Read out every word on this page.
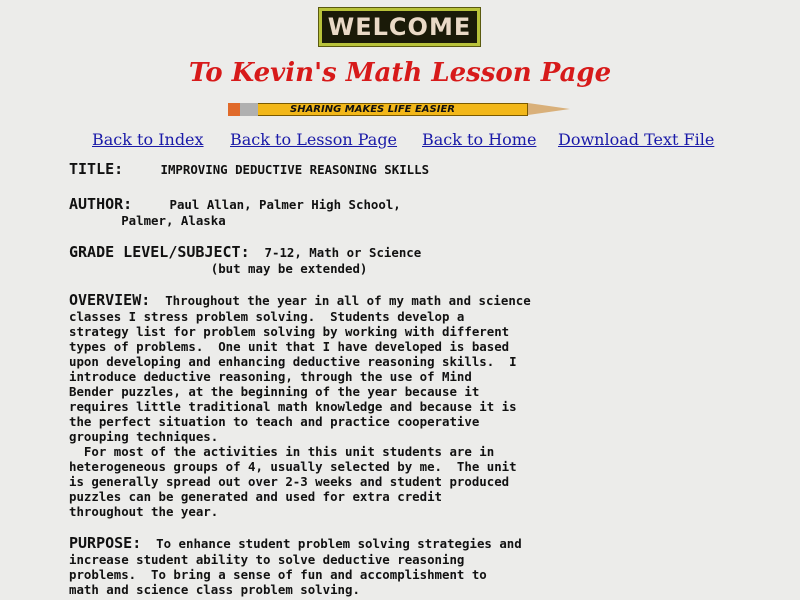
WELCOME
To Kevin's Math Lesson Page
SHARING MAKES LIFE EASIER
Back to Index Back to Lesson Page Back to Home Download Text File
TITLE:     IMPROVING DEDUCTIVE REASONING SKILLS
AUTHOR:     Paul Allan, Palmer High School,
Palmer, Alaska
GRADE LEVEL/SUBJECT:  7-12, Math or Science
(but may be extended)
OVERVIEW:  Throughout the year in all of my math and science
classes I stress problem solving.  Students develop a
strategy list for problem solving by working with different
types of problems.  One unit that I have developed is based
upon developing and enhancing deductive reasoning skills.  I
introduce deductive reasoning, through the use of Mind
Bender puzzles, at the beginning of the year because it
requires little traditional math knowledge and because it is
the perfect situation to teach and practice cooperative
grouping techniques.
For most of the activities in this unit students are in
heterogeneous groups of 4, usually selected by me.  The unit
is generally spread out over 2-3 weeks and student produced
puzzles can be generated and used for extra credit
throughout the year.
PURPOSE:  To enhance student problem solving strategies and
increase student ability to solve deductive reasoning
problems.  To bring a sense of fun and accomplishment to
math and science class problem solving.
